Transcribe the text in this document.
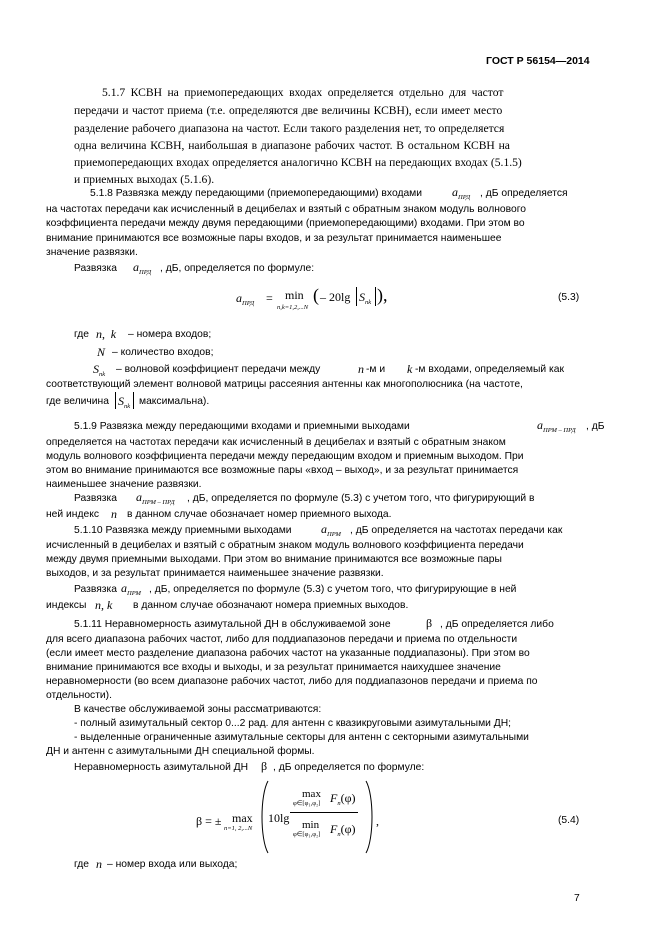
ГОСТ Р 56154—2014
5.1.7 КСВН на приемопередающих входах определяется отдельно для частот
передачи и частот приема (т.е. определяются две величины КСВН), если имеет место
разделение рабочего диапазона на частот. Если такого разделения нет, то определяется
одна величина КСВН, наибольшая в диапазоне рабочих частот. В остальном КСВН на
приемопередающих входах определяется аналогично КСВН на передающих входах (5.1.5)
и приемных выходах (5.1.6).
5.1.8 Развязка между передающими (приемопередающими) входами $a_{ПРД}$ , дБ определяется
на частотах передачи как исчисленный в децибелах и взятый с обратным знаком модуль волнового
коэффициента передачи между двумя передающими (приемопередающими) входами. При этом во
внимание принимаются все возможные пары входов, и за результат принимается наименьшее
значение развязки.
Развязка $a_{ПРД}$ , дБ, определяется по формуле:
$a_{ПРД} = \min$
n,k=1,2,...N
( – 20lg $S_{nk}$ ),	(5.3)
где n, k – номера входов;
N – количество входов;
$S_{nk}$ – волновой коэффициент передачи между	n -м и k -м входами, определяемый как
соответствующий элемент волновой матрицы рассеяния антенны как многополюсника (на частоте,
где величина $S_{nk}$ максимальна).
5.1.9 Развязка между передающими входами и приемными выходами	$a_{ПРМ - ПРД}$ , дБ
определяется на частотах передачи как исчисленный в децибелах и взятый с обратным знаком
модуль волнового коэффициента передачи между передающим входом и приемным выходом. При
этом во внимание принимаются все возможные пары «вход – выход», и за результат принимается
наименьшее значение развязки.
Развязка $a_{ПРМ - ПРД}$ , дБ, определяется по формуле (5.3) с учетом того, что фигурирующий в
ней индекс n в данном случае обозначает номер приемного выхода.
5.1.10 Развязка между приемными выходами $a_{ПРМ}$ , дБ определяется на частотах передачи как
исчисленный в децибелах и взятый с обратным знаком модуль волнового коэффициента передачи
между двумя приемными выходами. При этом во внимание принимаются все возможные пары
выходов, и за результат принимается наименьшее значение развязки.
Развязка $a_{ПРМ}$ , дБ, определяется по формуле (5.3) с учетом того, что фигурирующие в ней
индексы n, k в данном случае обозначают номера приемных выходов.
5.1.11 Неравномерность азимутальной ДН в обслуживаемой зоне	β , дБ определяется либо
для всего диапазона рабочих частот, либо для поддиапазонов передачи и приема по отдельности
(если имеет место разделение диапазона рабочих частот на указанные поддиапазоны). При этом во
внимание принимаются все входы и выходы, и за результат принимается наихудшее значение
неравномерности (во всем диапазоне рабочих частот, либо для поддиапазонов передачи и приема по
отдельности).
В качестве обслуживаемой зоны рассматриваются:
- полный азимутальный сектор 0...2 рад. для антенн с квазикруговыми азимутальными ДН;
- выделенные ограниченные азимутальные секторы для антенн с секторными азимутальными
ДН и антенн с азимутальными ДН специальной формы.
Неравномерность азимутальной ДН β , дБ определяется по формуле:
β = ± max
n=1, 2,...N
10lg
max
φ∈[φ₁,φ₂] $F_n(\varphi)$
min
φ∈[φ₁,φ₂] $F_n(\varphi)$
,	(5.4)
где n – номер входа или выхода;
7
